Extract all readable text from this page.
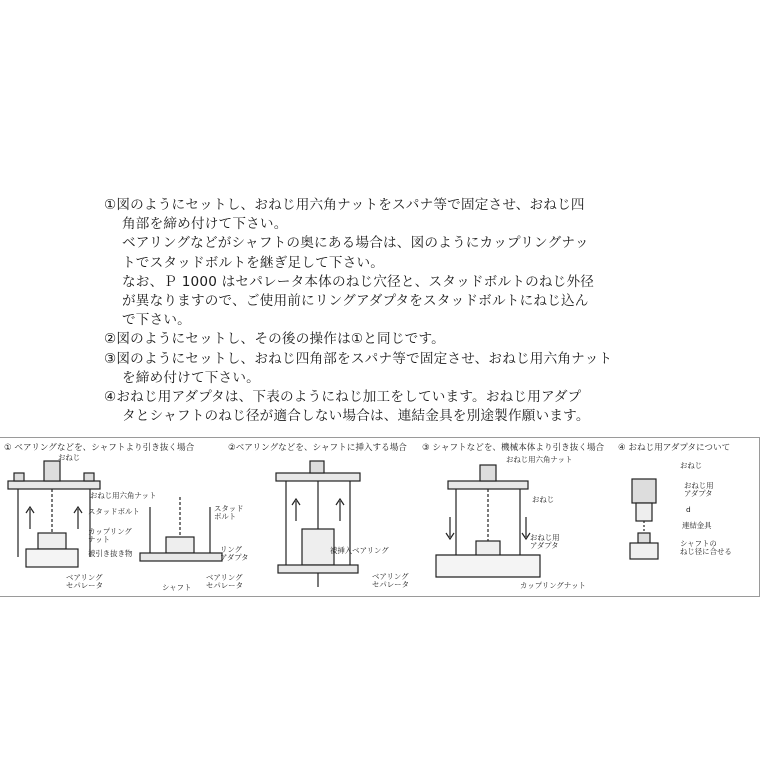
①図のようにセットし、おねじ用六角ナットをスパナ等で固定させ、おねじ四
角部を締め付けて下さい。
ベアリングなどがシャフトの奥にある場合は、図のようにカップリングナッ
トでスタッドボルトを継ぎ足して下さい。
なお、Ｐ 1000 はセパレータ本体のねじ穴径と、スタッドボルトのねじ外径
が異なりますので、ご使用前にリングアダプタをスタッドボルトにねじ込ん
で下さい。
②図のようにセットし、その後の操作は①と同じです。
③図のようにセットし、おねじ四角部をスパナ等で固定させ、おねじ用六角ナット
を締め付けて下さい。
④おねじ用アダプタは、下表のようにねじ加工をしています。おねじ用アダプ
タとシャフトのねじ径が適合しない場合は、連結金具を別途製作願います。
① ベアリングなどを、シャフトより引き抜く場合	②ベアリングなどを、シャフトに挿入する場合 ③ シャフトなどを、機械本体より引き抜く場合 ④ おねじ用アダプタについて
おねじ
おねじ用六角ナット
スタッドボルト
カップリング
ナット
被引き抜き物
スタッド
ボルト
リング
アダプタ
ベアリング
セパレータ	シャフト
ベアリング
セパレータ
被挿入ベアリング
ベアリング
セパレータ
おねじ用六角ナット
おねじ
おねじ用
アダプタ
カップリングナット
おねじ
おねじ用
アダプタ
d
連結金具
シャフトの
ねじ径に合せる
